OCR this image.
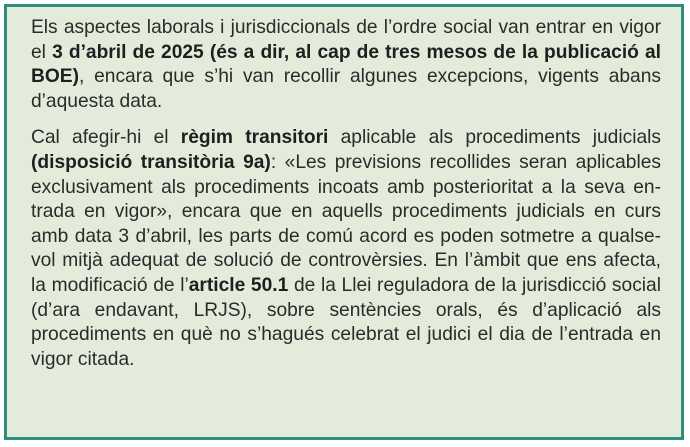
Els aspectes laborals i jurisdiccionals de l’ordre social van entrar en vigor el 3 d’abril de 2025 (és a dir, al cap de tres mesos de la publicació al BOE), encara que s’hi van recollir algunes excepcions, vigents abans d’aquesta data.

Cal afegir-hi el règim transitori aplicable als procediments judicials (disposició transitòria 9a): «Les previsions recollides seran aplicables exclusivament als procediments incoats amb posterioritat a la seva entrada en vigor», encara que en aquells procediments judicials en curs amb data 3 d’abril, les parts de comú acord es poden sotmetre a qualsevol mitjà adequat de solució de controvèrsies. En l’àmbit que ens afecta, la modificació de l’article 50.1 de la Llei reguladora de la jurisdicció social (d’ara endavant, LRJS), sobre sentències orals, és d’aplicació als procediments en què no s’hagués celebrat el judici el dia de l’entrada en vigor citada.
